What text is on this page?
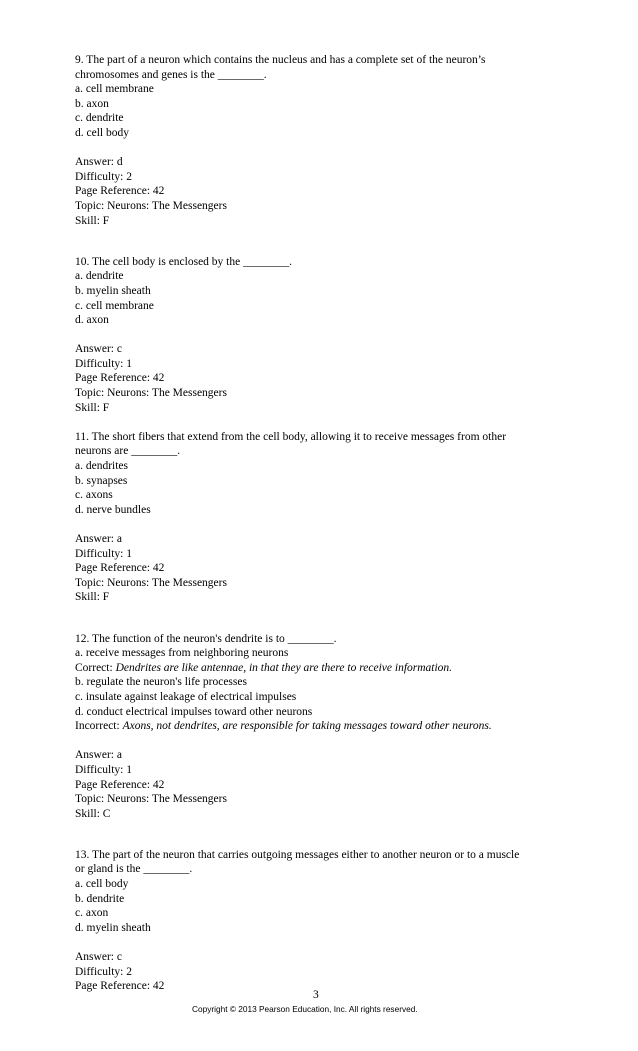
9. The part of a neuron which contains the nucleus and has a complete set of the neuron’s
chromosomes and genes is the ________.
a. cell membrane
b. axon
c. dendrite
d. cell body
Answer: d
Difficulty: 2
Page Reference: 42
Topic: Neurons: The Messengers
Skill: F
10. The cell body is enclosed by the ________.
a. dendrite
b. myelin sheath
c. cell membrane
d. axon
Answer: c
Difficulty: 1
Page Reference: 42
Topic: Neurons: The Messengers
Skill: F
11. The short fibers that extend from the cell body, allowing it to receive messages from other
neurons are ________.
a. dendrites
b. synapses
c. axons
d. nerve bundles
Answer: a
Difficulty: 1
Page Reference: 42
Topic: Neurons: The Messengers
Skill: F
12. The function of the neuron's dendrite is to ________.
a. receive messages from neighboring neurons
Correct: Dendrites are like antennae, in that they are there to receive information.
b. regulate the neuron's life processes
c. insulate against leakage of electrical impulses
d. conduct electrical impulses toward other neurons
Incorrect: Axons, not dendrites, are responsible for taking messages toward other neurons.
Answer: a
Difficulty: 1
Page Reference: 42
Topic: Neurons: The Messengers
Skill: C
13. The part of the neuron that carries outgoing messages either to another neuron or to a muscle
or gland is the ________.
a. cell body
b. dendrite
c. axon
d. myelin sheath
Answer: c
Difficulty: 2
Page Reference: 42
3
Copyright © 2013 Pearson Education, Inc. All rights reserved.
